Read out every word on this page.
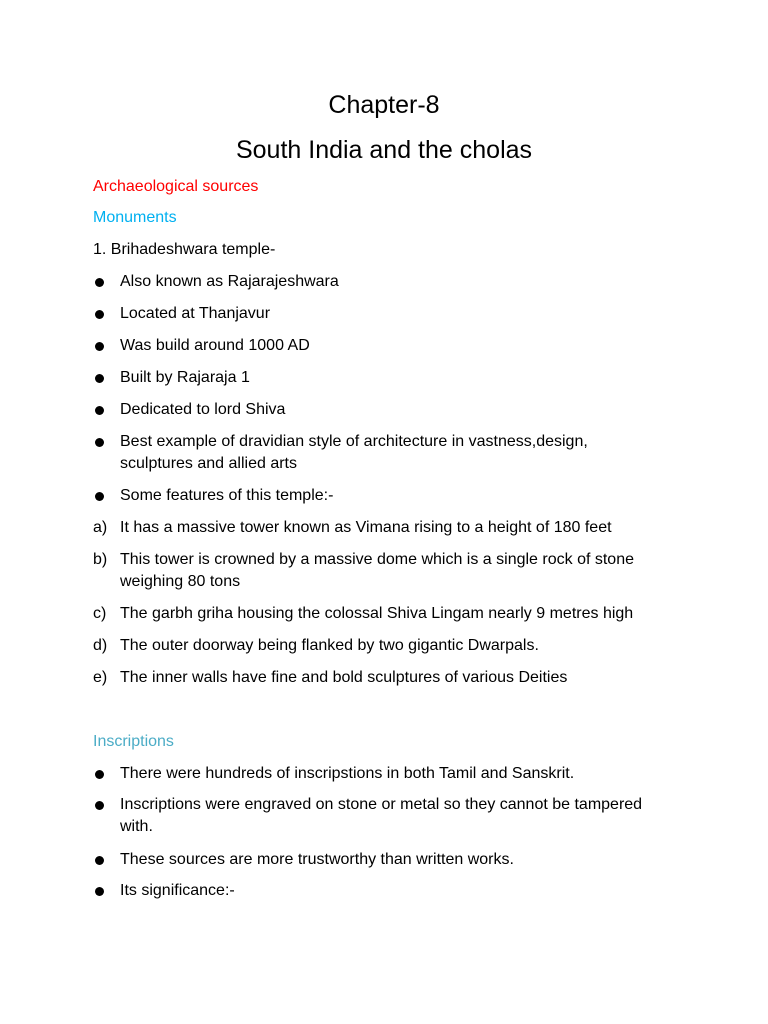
Chapter-8
South India and the cholas
Archaeological sources
Monuments
1. Brihadeshwara temple-
Also known as Rajarajeshwara
Located at Thanjavur
Was build around 1000 AD
Built by Rajaraja 1
Dedicated to lord Shiva
Best example of dravidian style of architecture in vastness,design, sculptures and allied arts
Some features of this temple:-
a) It has a massive tower known as Vimana rising to a height of 180 feet
b) This tower is crowned by a massive dome which is a single rock of stone weighing 80 tons
c) The garbh griha housing the colossal Shiva Lingam nearly 9 metres high
d) The outer doorway being flanked by two gigantic Dwarpals.
e) The inner walls have fine and bold sculptures of various Deities
Inscriptions
There were hundreds of inscripstions in both Tamil and Sanskrit.
Inscriptions were engraved on stone or metal so they cannot be tampered with.
These sources are more trustworthy than written works.
Its significance:-
